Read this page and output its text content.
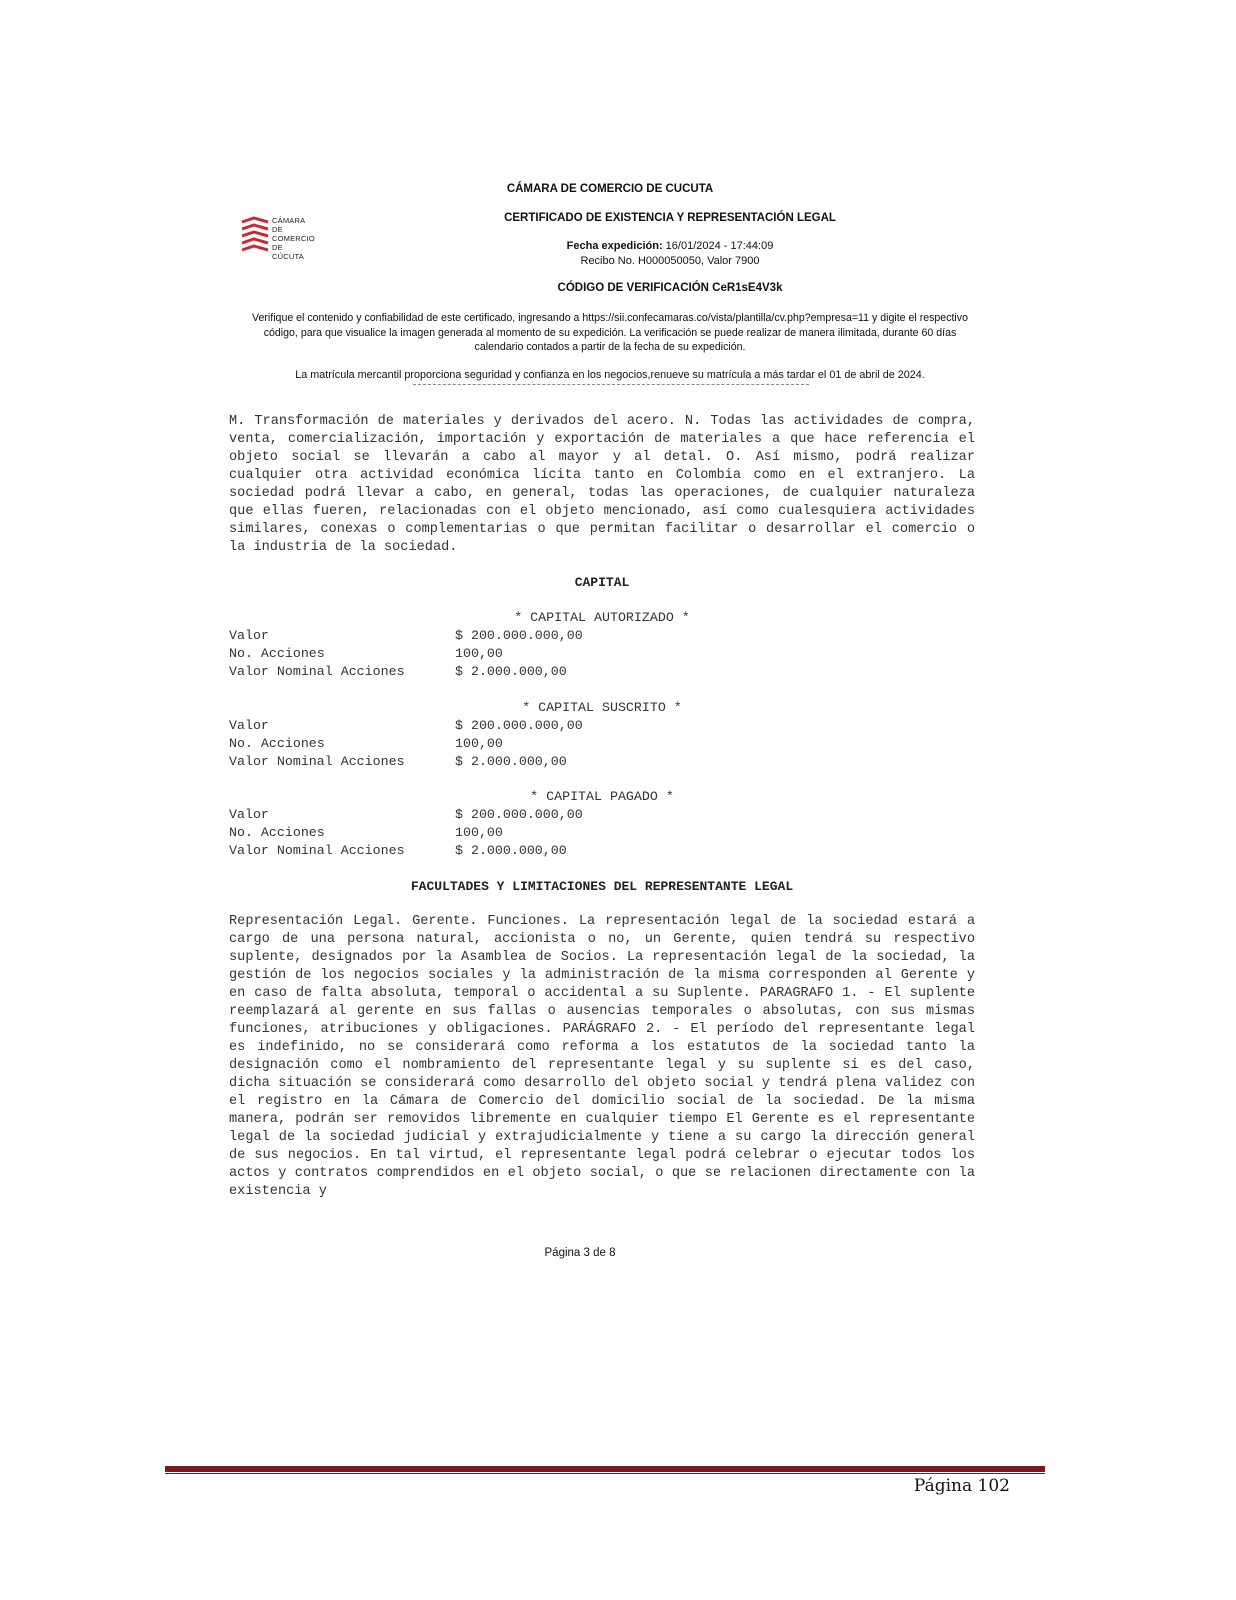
CÁMARA DE
COMERCIO
DE CÚCUTA
CÁMARA DE COMERCIO DE CUCUTA
CERTIFICADO DE EXISTENCIA Y REPRESENTACIÓN LEGAL
Fecha expedición: 16/01/2024 - 17:44:09
Recibo No. H000050050, Valor 7900
CÓDIGO DE VERIFICACIÓN CeR1sE4V3k
Verifique el contenido y confiabilidad de este certificado, ingresando a https://sii.confecamaras.co/vista/plantilla/cv.php?empresa=11 y digite el respectivo código, para que visualice la imagen generada al momento de su expedición. La verificación se puede realizar de manera ilimitada, durante 60 días calendario contados a partir de la fecha de su expedición.
La matrícula mercantil proporciona seguridad y confianza en los negocios,renueve su matrícula a más tardar el 01 de abril de 2024.
M. Transformación de materiales y derivados del acero. N. Todas las actividades de compra, venta, comercialización, importación y exportación de materiales a que hace referencia el objeto social se llevarán a cabo al mayor y al detal. O. Así mismo, podrá realizar cualquier otra actividad económica lícita tanto en Colombia como en el extranjero. La sociedad podrá llevar a cabo, en general, todas las operaciones, de cualquier naturaleza que ellas fueren, relacionadas con el objeto mencionado, así como cualesquiera actividades similares, conexas o complementarias o que permitan facilitar o desarrollar el comercio o la industria de la sociedad.
CAPITAL
* CAPITAL AUTORIZADO *
Valor	$ 200.000.000,00
No. Acciones	100,00
Valor Nominal Acciones	$ 2.000.000,00
* CAPITAL SUSCRITO *
Valor	$ 200.000.000,00
No. Acciones	100,00
Valor Nominal Acciones	$ 2.000.000,00
* CAPITAL PAGADO *
Valor	$ 200.000.000,00
No. Acciones	100,00
Valor Nominal Acciones	$ 2.000.000,00
FACULTADES Y LIMITACIONES DEL REPRESENTANTE LEGAL
Representación Legal. Gerente. Funciones. La representación legal de la sociedad estará a cargo de una persona natural, accionista o no, un Gerente, quien tendrá su respectivo suplente, designados por la Asamblea de Socios. La representación legal de la sociedad, la gestión de los negocios sociales y la administración de la misma corresponden al Gerente y en caso de falta absoluta, temporal o accidental a su Suplente. PARAGRAFO 1. - El suplente reemplazará al gerente en sus fallas o ausencias temporales o absolutas, con sus mismas funciones, atribuciones y obligaciones. PARÁGRAFO 2. - El período del representante legal es indefinido, no se considerará como reforma a los estatutos de la sociedad tanto la designación como el nombramiento del representante legal y su suplente si es del caso, dicha situación se considerará como desarrollo del objeto social y tendrá plena validez con el registro en la Cámara de Comercio del domicilio social de la sociedad. De la misma manera, podrán ser removidos libremente en cualquier tiempo El Gerente es el representante legal de la sociedad judicial y extrajudicialmente y tiene a su cargo la dirección general de sus negocios. En tal virtud, el representante legal podrá celebrar o ejecutar todos los actos y contratos comprendidos en el objeto social, o que se relacionen directamente con la existencia y
Página 3 de 8
Página 102
